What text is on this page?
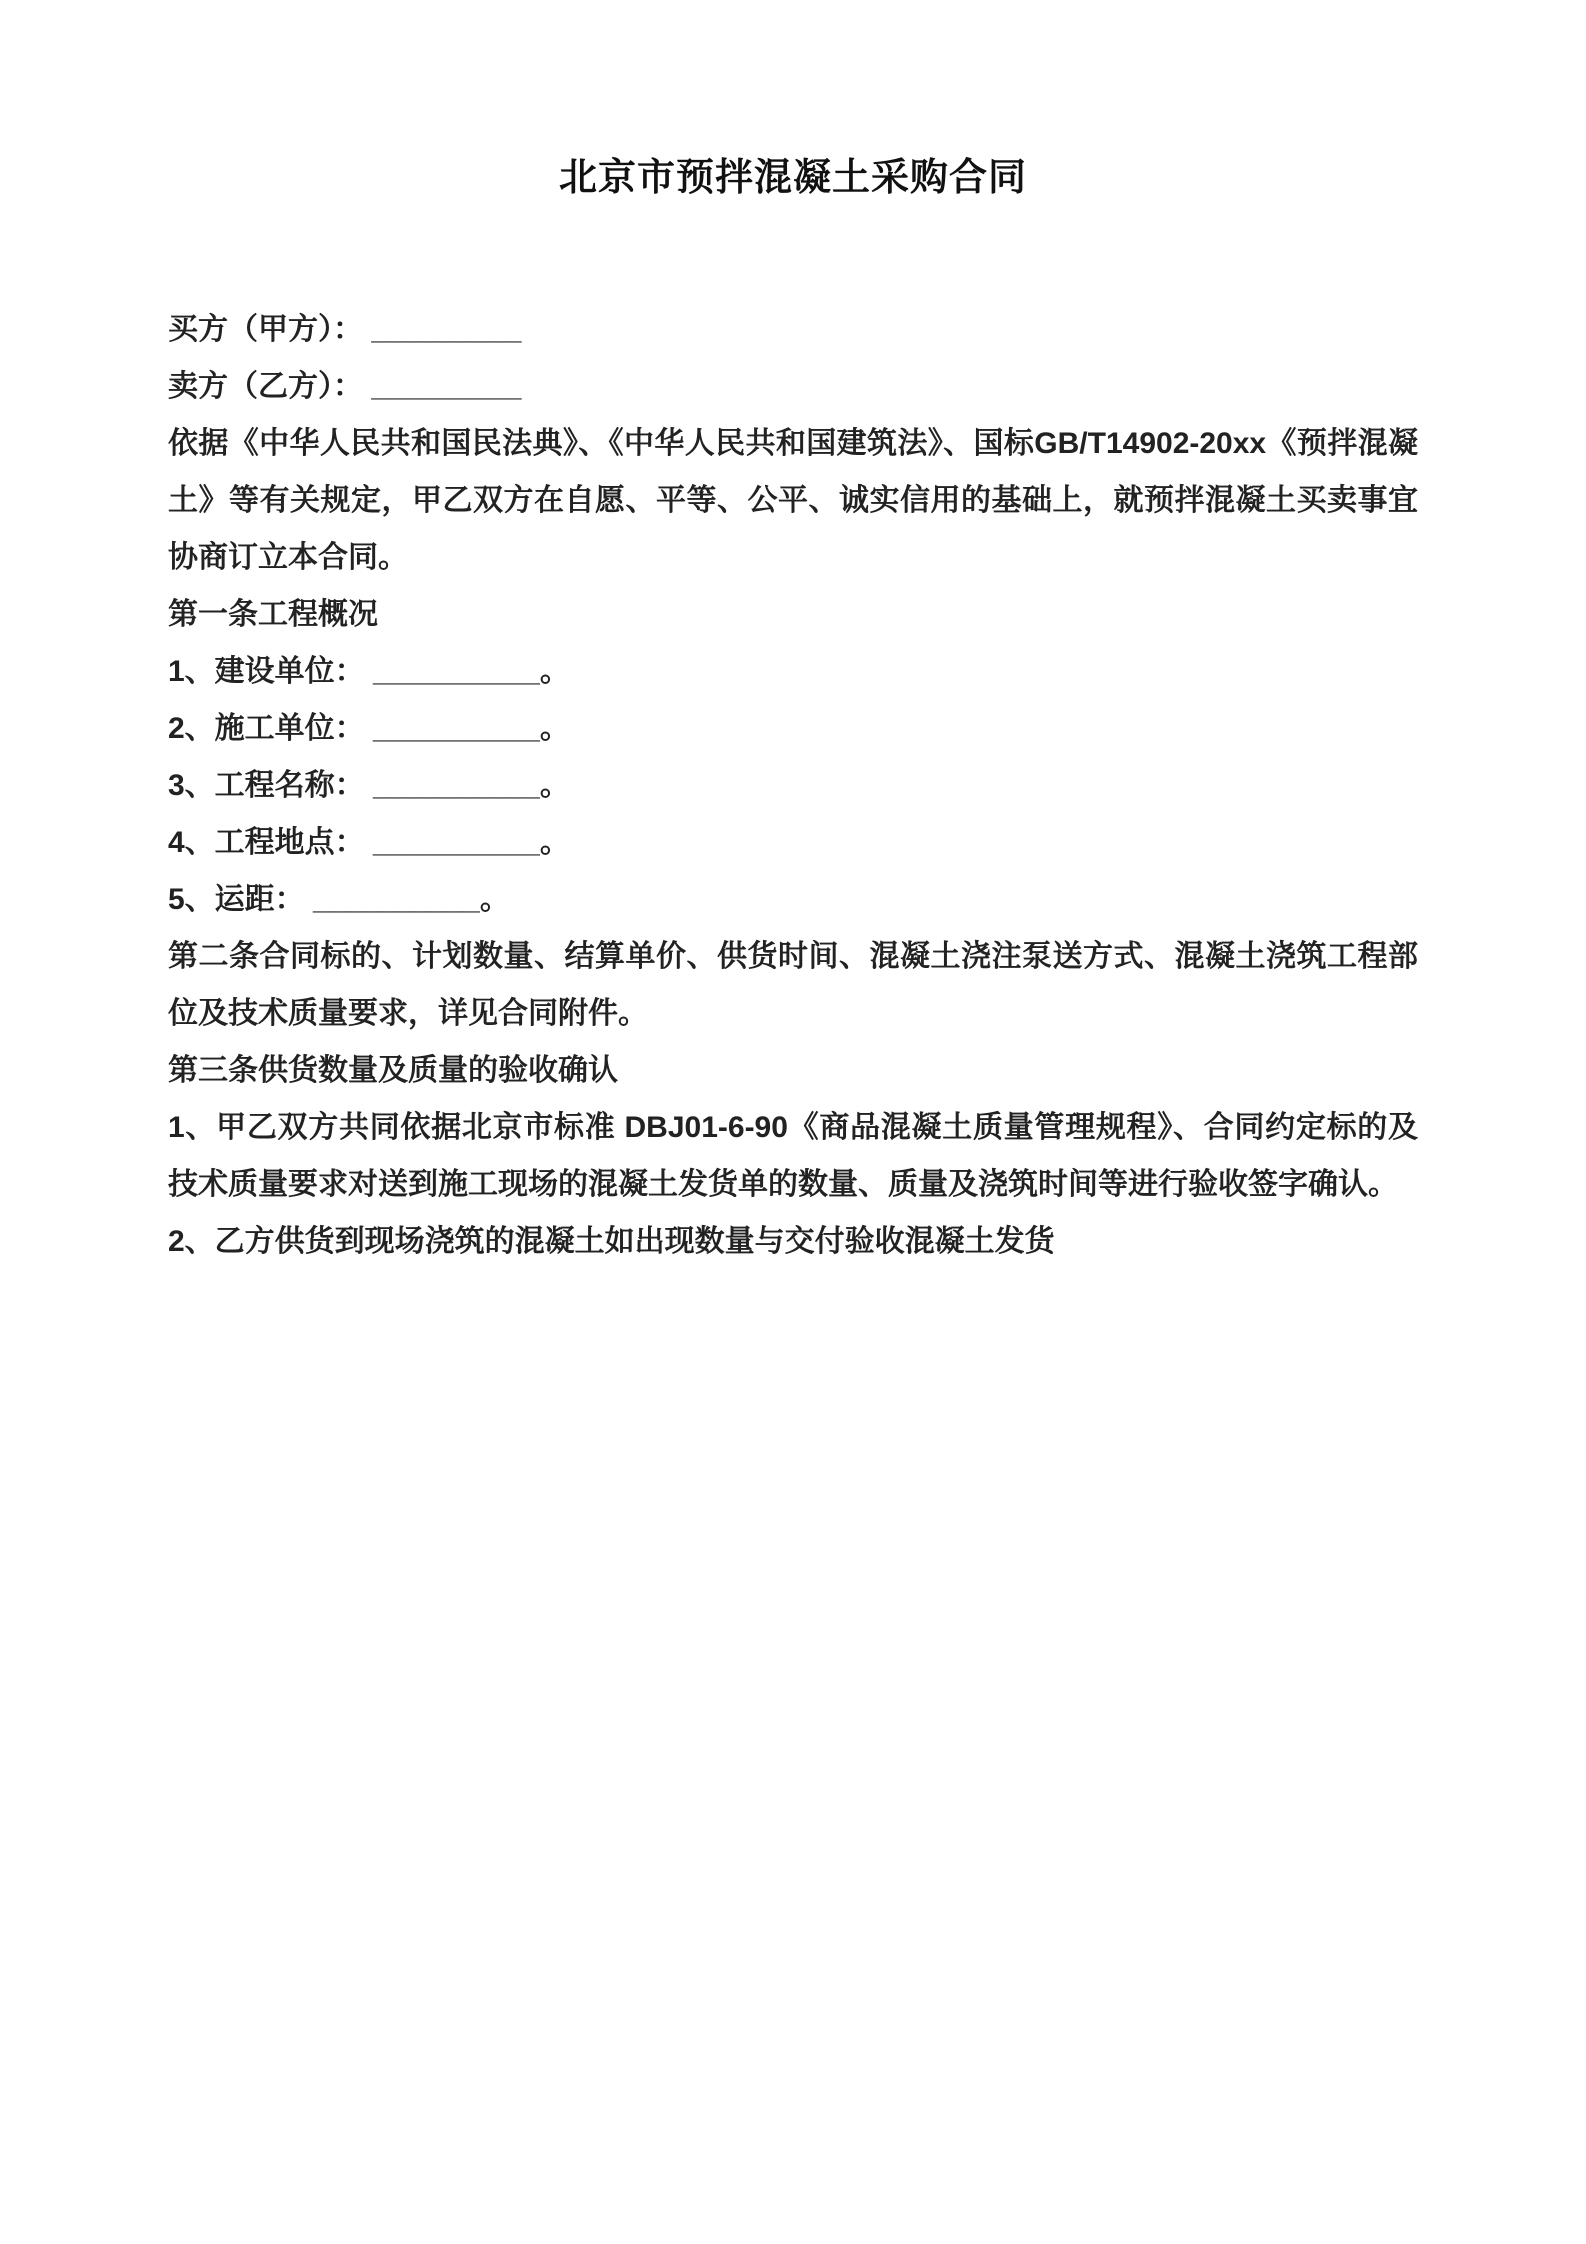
北京市预拌混凝土采购合同

买方（甲方）： _________

卖方（乙方）： _________

依据《中华人民共和国民法典》、《中华人民共和国建筑法》、国标GB/T14902-20xx《预拌混凝土》等有关规定，甲乙双方在自愿、平等、公平、诚实信用的基础上，就预拌混凝土买卖事宜协商订立本合同。

第一条工程概况

1、建设单位： __________。

2、施工单位： __________。

3、工程名称： __________。

4、工程地点： __________。

5、运距： __________。

第二条合同标的、计划数量、结算单价、供货时间、混凝土浇注泵送方式、混凝土浇筑工程部位及技术质量要求，详见合同附件。

第三条供货数量及质量的验收确认

1、甲乙双方共同依据北京市标准 DBJ01-6-90《商品混凝土质量管理规程》、合同约定标的及技术质量要求对送到施工现场的混凝土发货单的数量、质量及浇筑时间等进行验收签字确认。

2、乙方供货到现场浇筑的混凝土如出现数量与交付验收混凝土发货
